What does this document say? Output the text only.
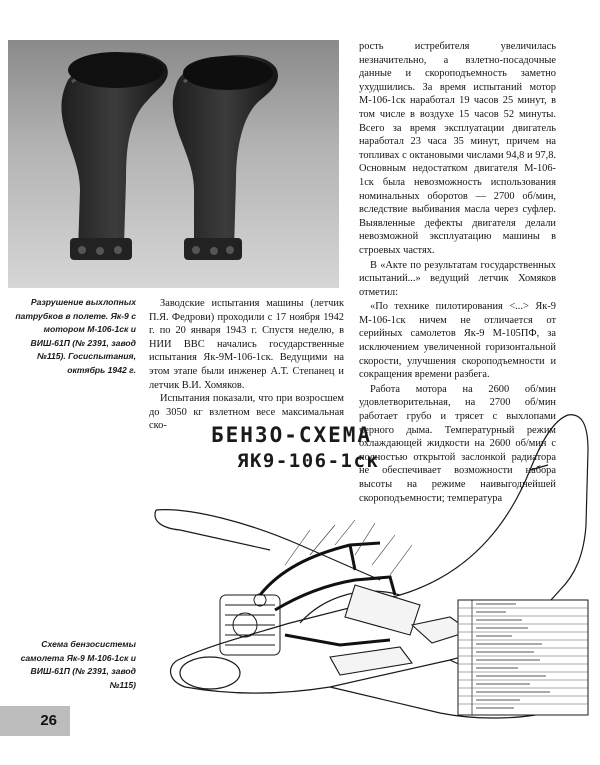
Разрушение выхлопных патрубков в полете. Як-9 с мотором М-106-1ск и ВИШ-61П (№ 2391, завод №115). Госиспытания, октябрь 1942 г.

Заводские испытания машины (летчик П.Я. Федрови) проходили с 17 ноября 1942 г. по 20 января 1943 г. Спустя неделю, в НИИ ВВС начались государственные испытания Як-9М-106-1ск. Ведущими на этом этапе были инженер А.Т. Степанец и летчик В.И. Хомяков.

Испытания показали, что при возросшем до 3050 кг взлетном весе максимальная ско-

рость истребителя увеличилась незначительно, а взлетно-посадочные данные и скороподъемность заметно ухудшились. За время испытаний мотор М-106-1ск наработал 19 часов 25 минут, в том числе в воздухе 15 часов 52 минуты. Всего за время эксплуатации двигатель наработал 23 часа 35 минут, причем на топливах с октановыми числами 94,8 и 97,8. Основным недостатком двигателя М-106-1ск была невозможность использования номинальных оборотов — 2700 об/мин, вследствие выбивания масла через суфлер. Выявленные дефекты двигателя делали невозможной эксплуатацию машины в строевых частях.

В «Акте по результатам государственных испытаний...» ведущий летчик Хомяков отметил:

«По технике пилотирования <...> Як-9 М-106-1ск ничем не отличается от серийных самолетов Як-9 М-105ПФ, за исключением увеличенной горизонтальной скорости, улучшения скороподъемности и сокращения времени разбега.

Работа мотора на 2600 об/мин удовлетворительная, на 2700 об/мин работает грубо и трясет с выхлопами черного дыма. Температурный режим охлаждающей жидкости на 2600 об/мин с полностью открытой заслонкой радиатора не обеспечивает возможности набора высоты на режиме наивыгоднейшей скороподъемности; температура

БЕНЗО-СХЕМА
ЯК9-106-1ск
Схема бензосистемы самолета Як-9 М-106-1ск и ВИШ-61П (№ 2391, завод №115)
26
